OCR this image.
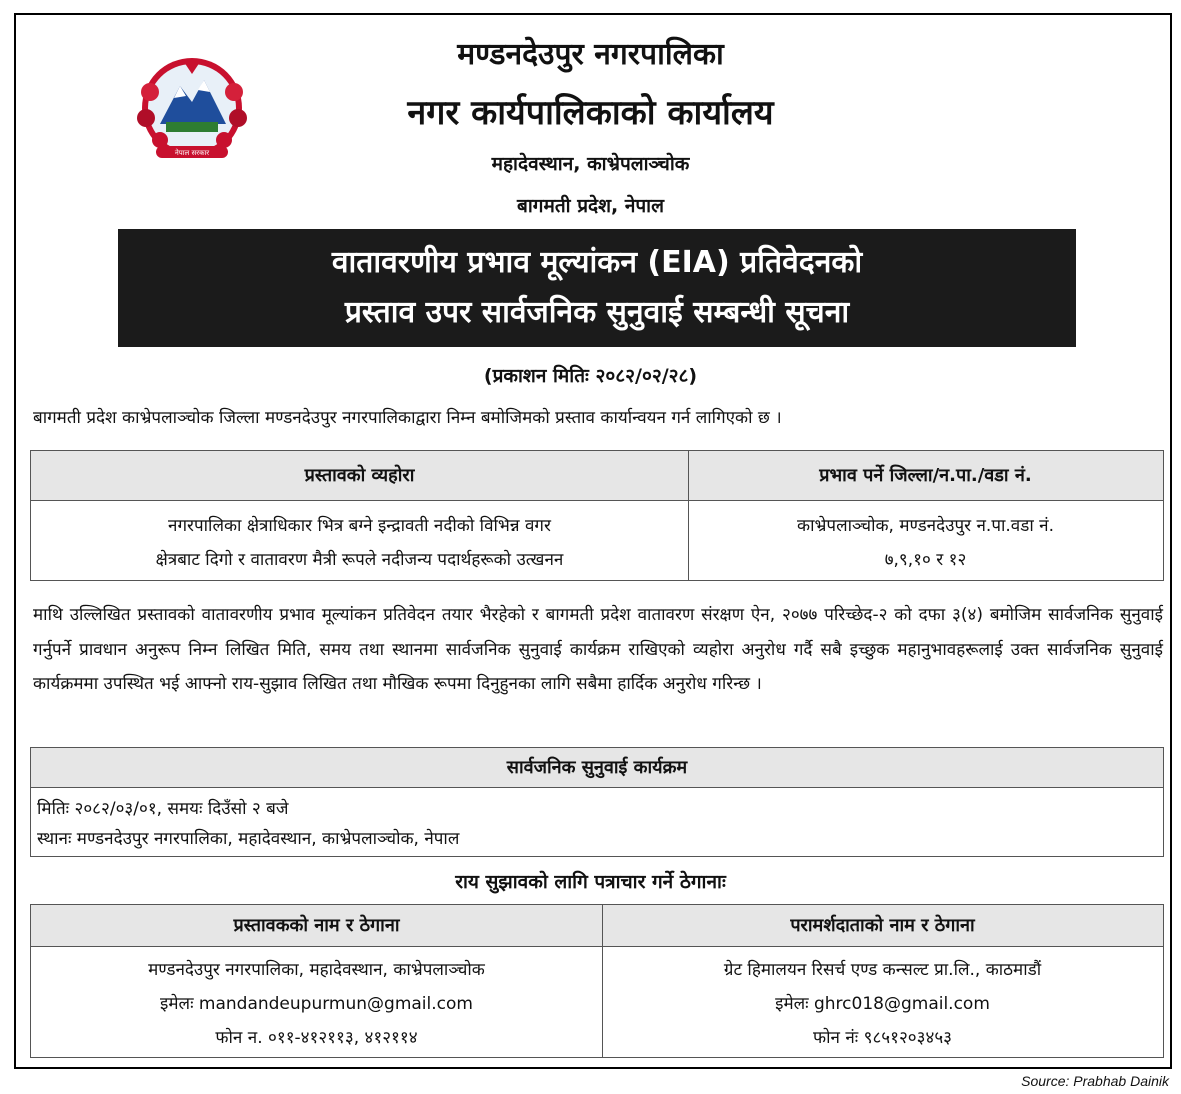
नेपाल सरकार
मण्डनदेउपुर नगरपालिका
नगर कार्यपालिकाको कार्यालय
महादेवस्थान, काभ्रेपलाञ्चोक
बागमती प्रदेश, नेपाल
वातावरणीय प्रभाव मूल्यांकन (EIA) प्रतिवेदनको
प्रस्ताव उपर सार्वजनिक सुनुवाई सम्बन्धी सूचना
(प्रकाशन मितिः २०८२/०२/२८)
बागमती प्रदेश काभ्रेपलाञ्चोक जिल्ला मण्डनदेउपुर नगरपालिकाद्वारा निम्न बमोजिमको प्रस्ताव कार्यान्वयन गर्न लागिएको छ ।
प्रस्तावको व्यहोरा	प्रभाव पर्ने जिल्ला/न.पा./वडा नं.
नगरपालिका क्षेत्राधिकार भित्र बग्ने इन्द्रावती नदीको विभिन्न वगर
क्षेत्रबाट दिगो र वातावरण मैत्री रूपले नदीजन्य पदार्थहरूको उत्खनन
काभ्रेपलाञ्चोक, मण्डनदेउपुर न.पा.वडा नं.
७,९,१० र १२
माथि उल्लिखित प्रस्तावको वातावरणीय प्रभाव मूल्यांकन प्रतिवेदन तयार भैरहेको र बागमती प्रदेश वातावरण संरक्षण ऐन, २०७७ परिच्छेद-२ को दफा ३(४) बमोजिम सार्वजनिक सुनुवाई गर्नुपर्ने प्रावधान अनुरूप निम्न लिखित मिति, समय तथा स्थानमा सार्वजनिक सुनुवाई कार्यक्रम राखिएको व्यहोरा अनुरोध गर्दै सबै इच्छुक महानुभावहरूलाई उक्त सार्वजनिक सुनुवाई कार्यक्रममा उपस्थित भई आफ्नो राय-सुझाव लिखित तथा मौखिक रूपमा दिनुहुनका लागि सबैमा हार्दिक अनुरोध गरिन्छ ।
सार्वजनिक सुनुवाई कार्यक्रम
मितिः २०८२/०३/०१, समयः दिउँसो २ बजे
स्थानः मण्डनदेउपुर नगरपालिका, महादेवस्थान, काभ्रेपलाञ्चोक, नेपाल
राय सुझावको लागि पत्राचार गर्ने ठेगानाः
प्रस्तावकको नाम र ठेगाना	परामर्शदाताको नाम र ठेगाना
मण्डनदेउपुर नगरपालिका, महादेवस्थान, काभ्रेपलाञ्चोक
इमेलः mandandeupurmun@gmail.com
फोन न. ०११-४१२११३, ४१२११४
ग्रेट हिमालयन रिसर्च एण्ड कन्सल्ट प्रा.लि., काठमाडौं
इमेलः ghrc018@gmail.com
फोन नंः ९८५१२०३४५३
Source: Prabhab Dainik
